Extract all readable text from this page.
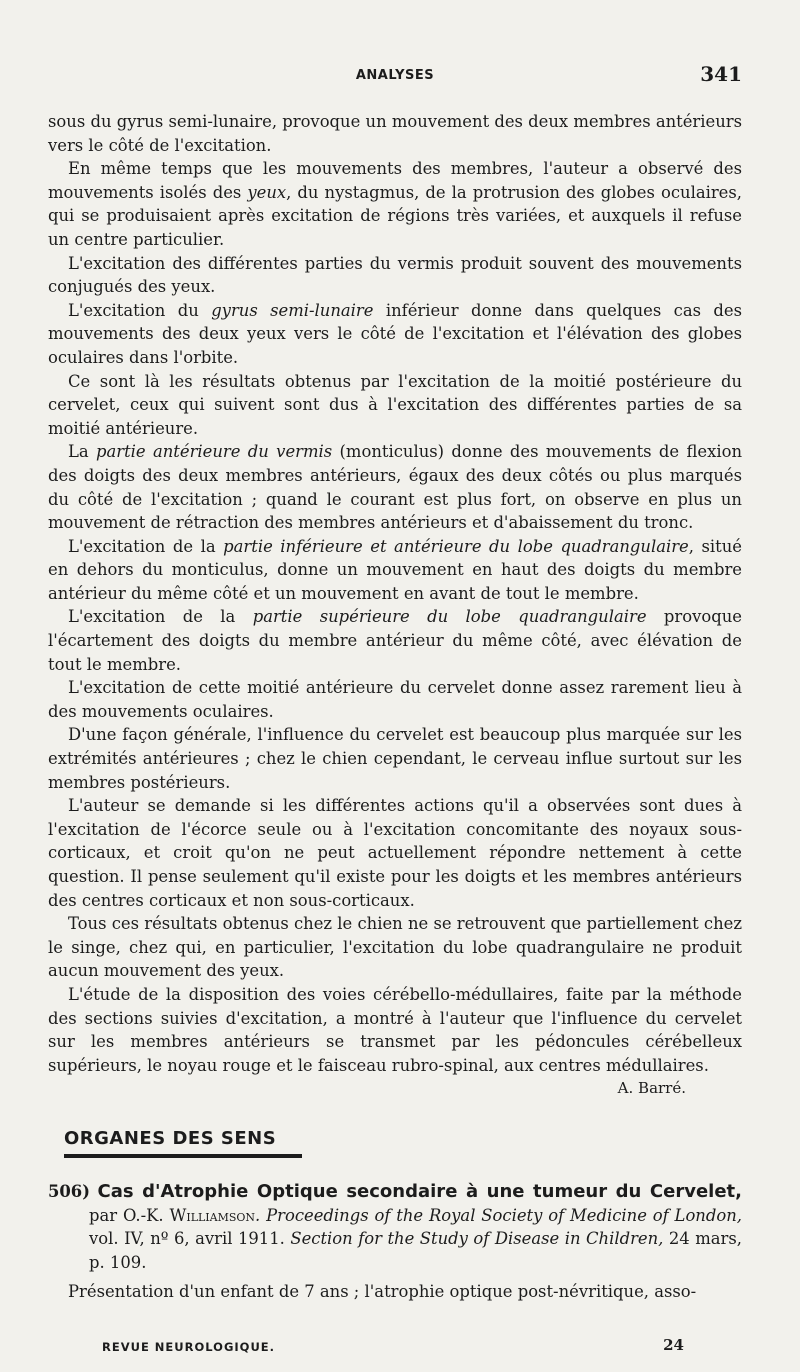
ANALYSES	341

sous du gyrus semi-lunaire, provoque un mouvement des deux membres antérieurs vers le côté de l'excitation.

En même temps que les mouvements des membres, l'auteur a observé des mouvements isolés des yeux, du nystagmus, de la protrusion des globes oculaires, qui se produisaient après excitation de régions très variées, et auxquels il refuse un centre particulier.

L'excitation des différentes parties du vermis produit souvent des mouvements conjugués des yeux.

L'excitation du gyrus semi-lunaire inférieur donne dans quelques cas des mouvements des deux yeux vers le côté de l'excitation et l'élévation des globes oculaires dans l'orbite.

Ce sont là les résultats obtenus par l'excitation de la moitié postérieure du cervelet, ceux qui suivent sont dus à l'excitation des différentes parties de sa moitié antérieure.

La partie antérieure du vermis (monticulus) donne des mouvements de flexion des doigts des deux membres antérieurs, égaux des deux côtés ou plus marqués du côté de l'excitation ; quand le courant est plus fort, on observe en plus un mouvement de rétraction des membres antérieurs et d'abaissement du tronc.

L'excitation de la partie inférieure et antérieure du lobe quadrangulaire, situé en dehors du monticulus, donne un mouvement en haut des doigts du membre antérieur du même côté et un mouvement en avant de tout le membre.

L'excitation de la partie supérieure du lobe quadrangulaire provoque l'écartement des doigts du membre antérieur du même côté, avec élévation de tout le membre.

L'excitation de cette moitié antérieure du cervelet donne assez rarement lieu à des mouvements oculaires.

D'une façon générale, l'influence du cervelet est beaucoup plus marquée sur les extrémités antérieures ; chez le chien cependant, le cerveau influe surtout sur les membres postérieurs.

L'auteur se demande si les différentes actions qu'il a observées sont dues à l'excitation de l'écorce seule ou à l'excitation concomitante des noyaux sous-corticaux, et croit qu'on ne peut actuellement répondre nettement à cette question. Il pense seulement qu'il existe pour les doigts et les membres antérieurs des centres corticaux et non sous-corticaux.

Tous ces résultats obtenus chez le chien ne se retrouvent que partiellement chez le singe, chez qui, en particulier, l'excitation du lobe quadrangulaire ne produit aucun mouvement des yeux.

L'étude de la disposition des voies cérébello-médullaires, faite par la méthode des sections suivies d'excitation, a montré à l'auteur que l'influence du cervelet sur les membres antérieurs se transmet par les pédoncules cérébelleux supérieurs, le noyau rouge et le faisceau rubro-spinal, aux centres médullaires.

A. Barré.

ORGANES DES SENS

506) Cas d'Atrophie Optique secondaire à une tumeur du Cervelet, par O.-K. Williamson. Proceedings of the Royal Society of Medicine of London, vol. IV, nº 6, avril 1911. Section for the Study of Disease in Children, 24 mars, p. 109.

Présentation d'un enfant de 7 ans ; l'atrophie optique post-névritique, asso-

REVUE NEUROLOGIQUE.	24
